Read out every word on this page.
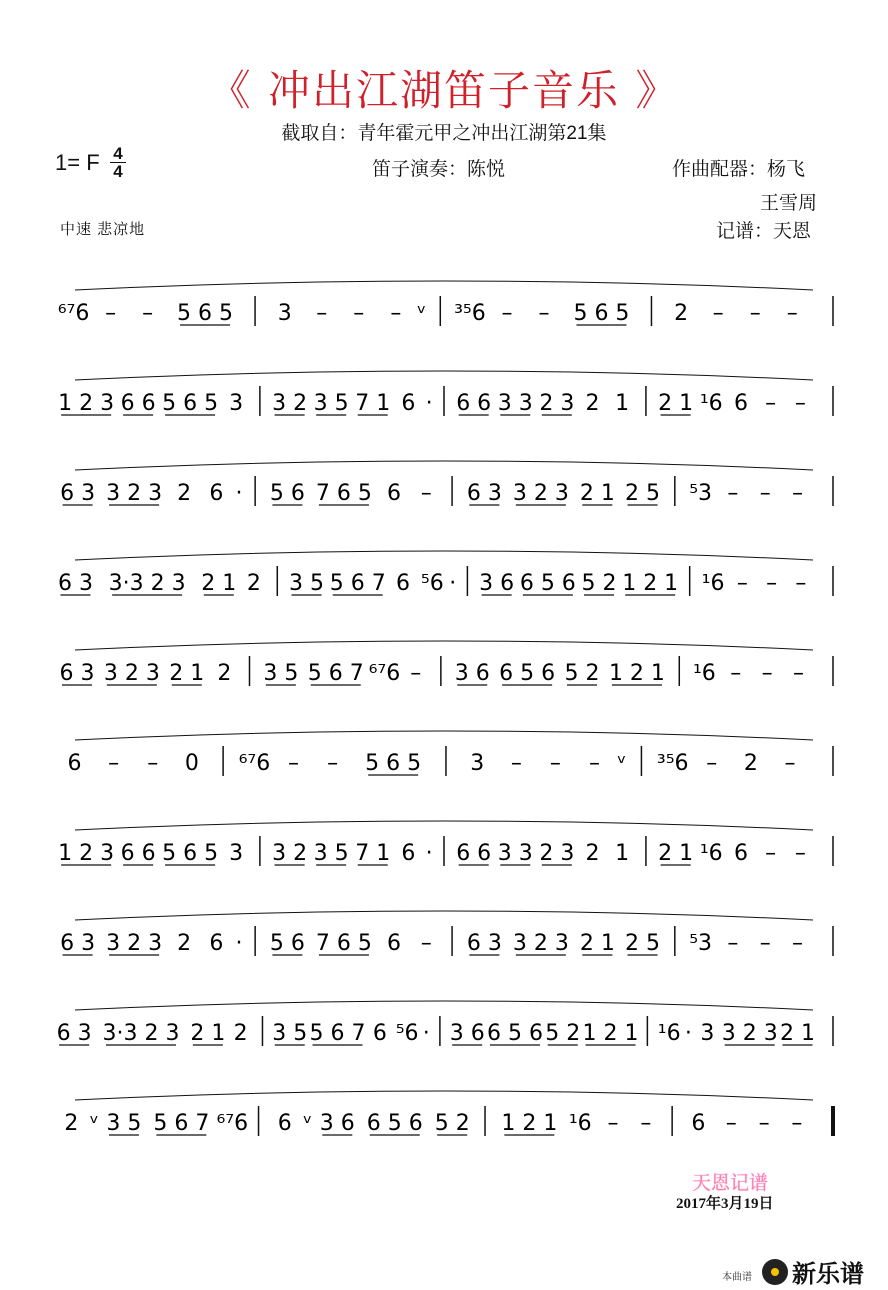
《 冲出江湖笛子音乐 》
截取自：青年霍元甲之冲出江湖第21集
1= F 4
4	笛子演奏：陈悦	作曲配器：杨飞
王雪周
记谱：天恩
中速 悲凉地
⁶⁷6 – – 5 6 5 3 – – – ᵛ ³⁵6 – – 5 6 5 2 – – –
1 2 3 6 6 5 6 5 3 3 2 3 5 7 1 6 · 6 6 3 3 2 3 2 1 2 1 ¹6 6 – –
6 3 3 2 3 2 6 · 5 6 7 6 5 6 – 6 3 3 2 3 2 1 2 5 ⁵3 – – –
6 3 3·3 2 3 2 1 2 3 5 5 6 7 6 ⁵6 · 3 6 6 5 6 5 2 1 2 1 ¹6 – – –
6 3 3 2 3 2 1 2 3 5 5 6 7 ⁶⁷6 – 3 6 6 5 6 5 2 1 2 1 ¹6 – – –
6 – – 0 ⁶⁷6 – – 5 6 5 3 – – – ᵛ ³⁵6 – 2 –
1 2 3 6 6 5 6 5 3 3 2 3 5 7 1 6 · 6 6 3 3 2 3 2 1 2 1 ¹6 6 – –
6 3 3 2 3 2 6 · 5 6 7 6 5 6 – 6 3 3 2 3 2 1 2 5 ⁵3 – – –
6 3 3·3 2 3 2 1 2 3 5 5 6 7 6 ⁵6 · 3 6 6 5 6 5 2 1 2 1 ¹6 · 3 3 2 3 2 1
2 ᵛ 3 5 5 6 7 ⁶⁷6 6 ᵛ 3 6 6 5 6 5 2 1 2 1 ¹6 – – 6 – – –
天恩记谱
2017年3月19日
本曲谱 新乐谱
